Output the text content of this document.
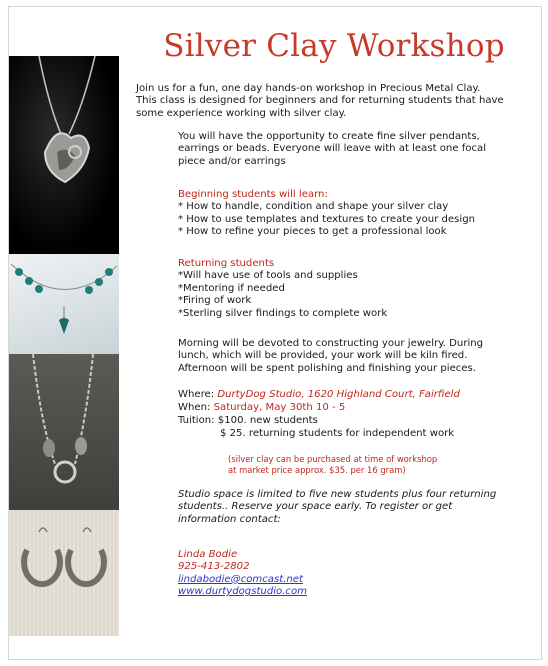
Silver Clay Workshop
Join us for a fun, one day hands-on workshop in Precious Metal Clay.
This class is designed for beginners and for returning students that have
some experience working with silver clay.
You will have the opportunity to create fine silver pendants,
earrings or beads. Everyone will leave with at least one focal
piece and/or earrings
Beginning students will learn:
* How to handle, condition and shape your silver clay
* How to use templates and textures to create your design
* How to refine your pieces to get a professional look
Returning students
*Will have use of tools and supplies
*Mentoring if needed
*Firing of work
*Sterling silver findings to complete work
Morning will be devoted to constructing your jewelry. During
lunch, which will be provided, your work will be kiln fired.
Afternoon will be spent polishing and finishing your pieces.
Where: DurtyDog Studio, 1620 Highland Court, Fairfield
When: Saturday, May 30th 10 - 5
Tuition: $100. new students
$ 25. returning students for independent work
(silver clay can be purchased at time of workshop
at market price approx. $35. per 16 gram)
Studio space is limited to five new students plus four returning
students.. Reserve your space early. To register or get
information contact:
Linda Bodie
925-413-2802
lindabodie@comcast.net
www.durtydogstudio.com
